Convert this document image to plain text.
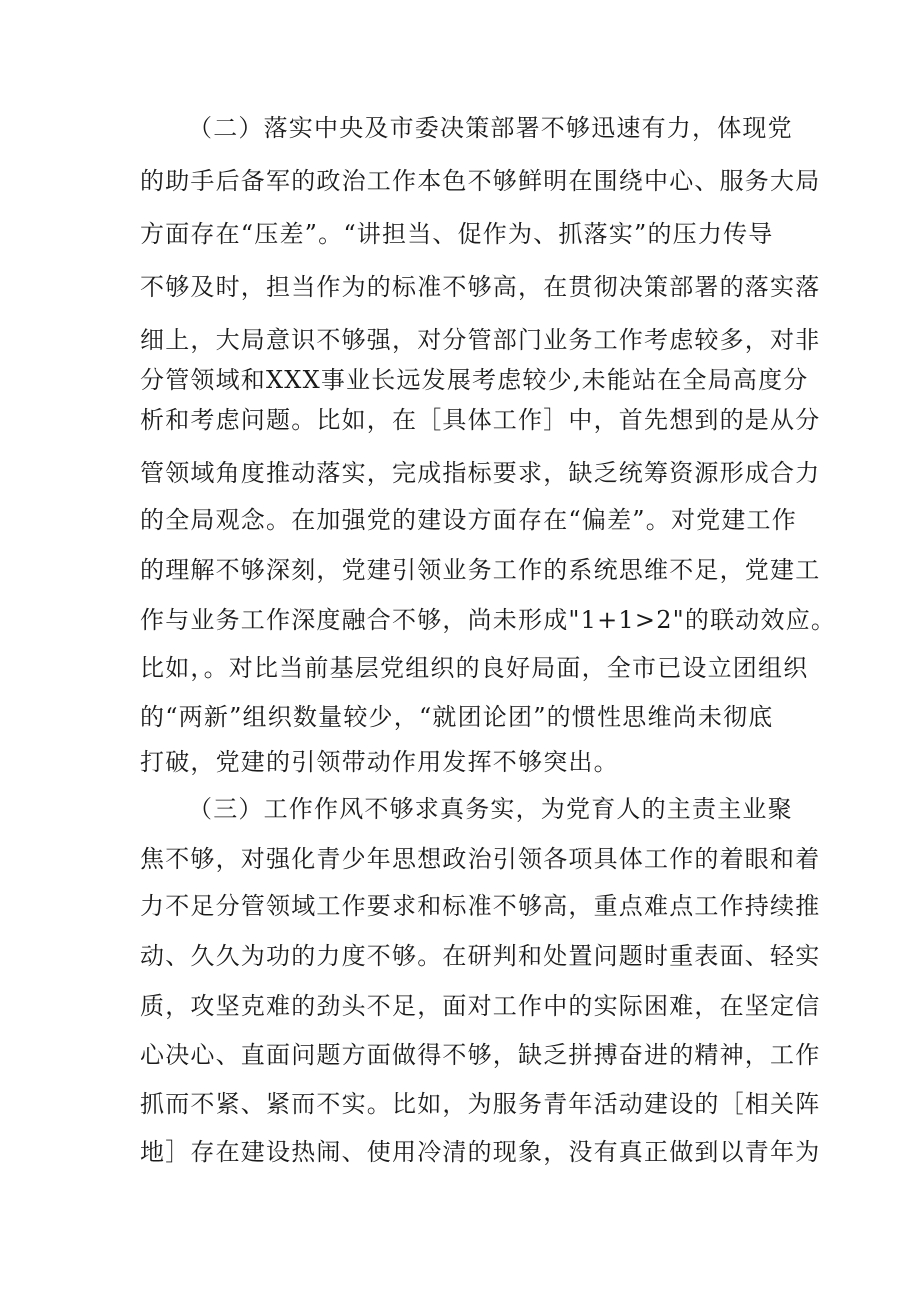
（二）落实中央及市委决策部署不够迅速有力，体现党
的助手后备军的政治工作本色不够鲜明在围绕中心、服务大局
方面存在“压差”。“讲担当、促作为、抓落实”的压力传导
不够及时，担当作为的标准不够高，在贯彻决策部署的落实落
细上，大局意识不够强，对分管部门业务工作考虑较多，对非
分管领域和XXX事业长远发展考虑较少,未能站在全局高度分
析和考虑问题。比如，在［具体工作］中，首先想到的是从分
管领域角度推动落实，完成指标要求，缺乏统筹资源形成合力
的全局观念。在加强党的建设方面存在“偏差”。对党建工作
的理解不够深刻，党建引领业务工作的系统思维不足，党建工
作与业务工作深度融合不够，尚未形成"1+1>2"的联动效应。
比如，。对比当前基层党组织的良好局面，全市已设立团组织
的“两新”组织数量较少，“就团论团”的惯性思维尚未彻底
打破，党建的引领带动作用发挥不够突出。
（三）工作作风不够求真务实，为党育人的主责主业聚
焦不够，对强化青少年思想政治引领各项具体工作的着眼和着
力不足分管领域工作要求和标准不够高，重点难点工作持续推
动、久久为功的力度不够。在研判和处置问题时重表面、轻实
质，攻坚克难的劲头不足，面对工作中的实际困难，在坚定信
心决心、直面问题方面做得不够，缺乏拼搏奋进的精神，工作
抓而不紧、紧而不实。比如，为服务青年活动建设的［相关阵
地］存在建设热闹、使用冷清的现象，没有真正做到以青年为
